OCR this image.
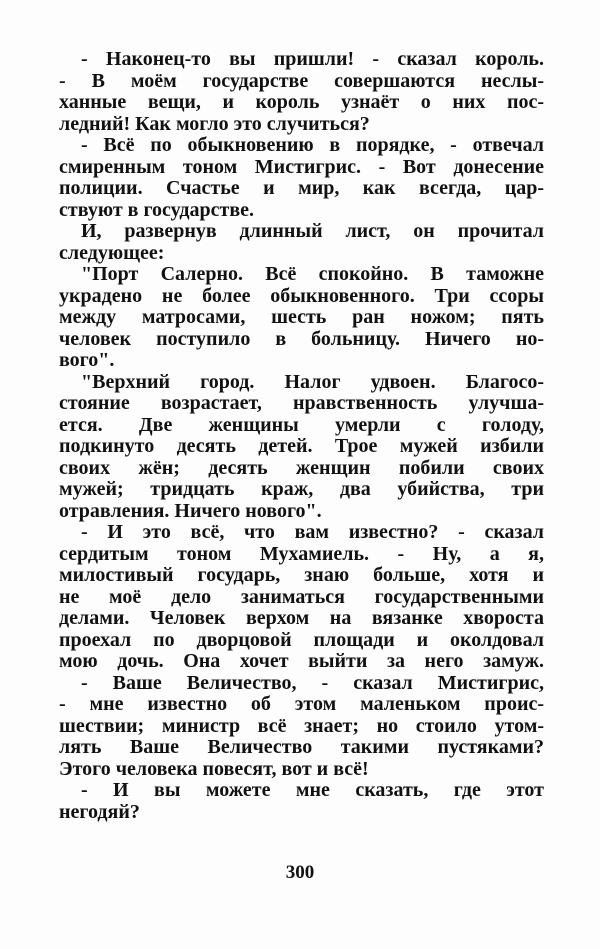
- Наконец-то вы пришли! - сказал король.
- В моём государстве совершаются неслы-
ханные вещи, и король узнаёт о них пос-
ледний! Как могло это случиться?
- Всё по обыкновению в порядке, - отвечал
смиренным тоном Мистигрис. - Вот донесение
полиции. Счастье и мир, как всегда, цар-
ствуют в государстве.
И, развернув длинный лист, он прочитал
следующее:
"Порт Салерно. Всё спокойно. В таможне
украдено не более обыкновенного. Три ссоры
между матросами, шесть ран ножом; пять
человек поступило в больницу. Ничего но-
вого".
"Верхний город. Налог удвоен. Благосо-
стояние возрастает, нравственность улучша-
ется. Две женщины умерли с голоду,
подкинуто десять детей. Трое мужей избили
своих жён; десять женщин побили своих
мужей; тридцать краж, два убийства, три
отравления. Ничего нового".
- И это всё, что вам известно? - сказал
сердитым тоном Мухамиель. - Ну, а я,
милостивый государь, знаю больше, хотя и
не моё дело заниматься государственными
делами. Человек верхом на вязанке хвороста
проехал по дворцовой площади и околдовал
мою дочь. Она хочет выйти за него замуж.
- Ваше Величество, - сказал Мистигрис,
- мне известно об этом маленьком проис-
шествии; министр всё знает; но стоило утом-
лять Ваше Величество такими пустяками?
Этого человека повесят, вот и всё!
- И вы можете мне сказать, где этот
негодяй?
300
